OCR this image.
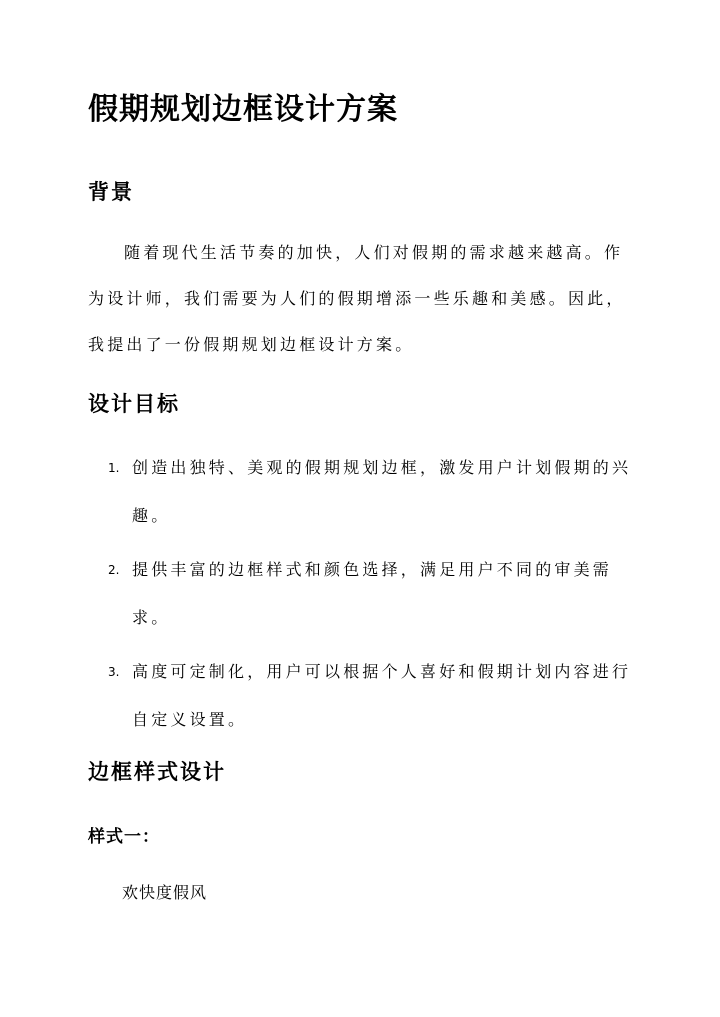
假期规划边框设计方案
背景

随着现代生活节奏的加快，人们对假期的需求越来越高。作为设计师，我们需要为人们的假期增添一些乐趣和美感。因此，我提出了一份假期规划边框设计方案。

设计目标
1. 创造出独特、美观的假期规划边框，激发用户计划假期的兴趣。
2. 提供丰富的边框样式和颜色选择，满足用户不同的审美需求。
3. 高度可定制化，用户可以根据个人喜好和假期计划内容进行自定义设置。
边框样式设计
样式一：
欢快度假风
